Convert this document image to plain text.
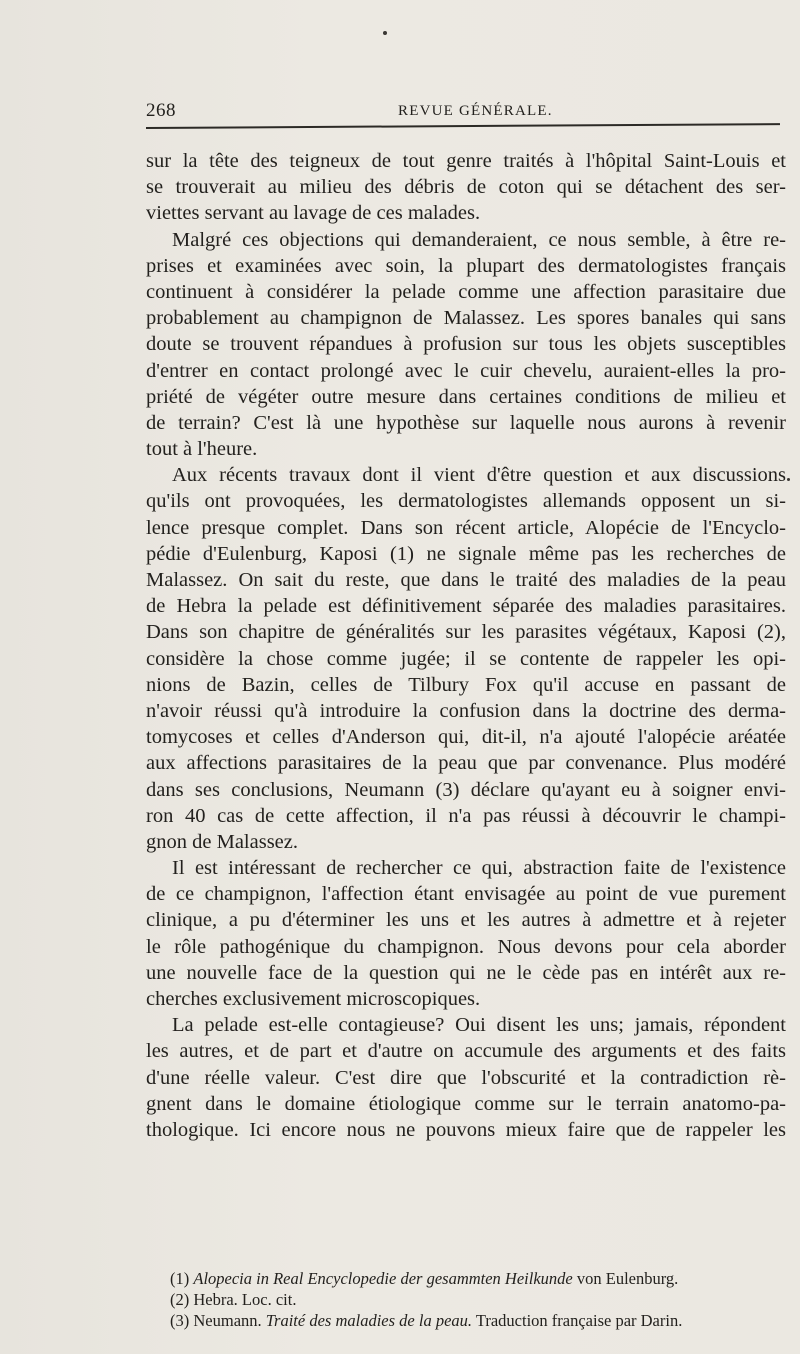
268	REVUE GÉNÉRALE.
sur la tête des teigneux de tout genre traités à l'hôpital Saint-Louis et
se trouverait au milieu des débris de coton qui se détachent des ser-
viettes servant au lavage de ces malades.
Malgré ces objections qui demanderaient, ce nous semble, à être re-
prises et examinées avec soin, la plupart des dermatologistes français
continuent à considérer la pelade comme une affection parasitaire due
probablement au champignon de Malassez. Les spores banales qui sans
doute se trouvent répandues à profusion sur tous les objets susceptibles
d'entrer en contact prolongé avec le cuir chevelu, auraient-elles la pro-
priété de végéter outre mesure dans certaines conditions de milieu et
de terrain? C'est là une hypothèse sur laquelle nous aurons à revenir
tout à l'heure.
Aux récents travaux dont il vient d'être question et aux discussions
qu'ils ont provoquées, les dermatologistes allemands opposent un si-
lence presque complet. Dans son récent article, Alopécie de l'Encyclo-
pédie d'Eulenburg, Kaposi (1) ne signale même pas les recherches de
Malassez. On sait du reste, que dans le traité des maladies de la peau
de Hebra la pelade est définitivement séparée des maladies parasitaires.
Dans son chapitre de généralités sur les parasites végétaux, Kaposi (2),
considère la chose comme jugée; il se contente de rappeler les opi-
nions de Bazin, celles de Tilbury Fox qu'il accuse en passant de
n'avoir réussi qu'à introduire la confusion dans la doctrine des derma-
tomycoses et celles d'Anderson qui, dit-il, n'a ajouté l'alopécie aréatée
aux affections parasitaires de la peau que par convenance. Plus modéré
dans ses conclusions, Neumann (3) déclare qu'ayant eu à soigner envi-
ron 40 cas de cette affection, il n'a pas réussi à découvrir le champi-
gnon de Malassez.
Il est intéressant de rechercher ce qui, abstraction faite de l'existence
de ce champignon, l'affection étant envisagée au point de vue purement
clinique, a pu d'éterminer les uns et les autres à admettre et à rejeter
le rôle pathogénique du champignon. Nous devons pour cela aborder
une nouvelle face de la question qui ne le cède pas en intérêt aux re-
cherches exclusivement microscopiques.
La pelade est-elle contagieuse? Oui disent les uns; jamais, répondent
les autres, et de part et d'autre on accumule des arguments et des faits
d'une réelle valeur. C'est dire que l'obscurité et la contradiction rè-
gnent dans le domaine étiologique comme sur le terrain anatomo-pa-
thologique. Ici encore nous ne pouvons mieux faire que de rappeler les
(1) Alopecia in Real Encyclopedie der gesammten Heilkunde von Eulenburg.
(2) Hebra. Loc. cit.
(3) Neumann. Traité des maladies de la peau. Traduction française par Darin.
